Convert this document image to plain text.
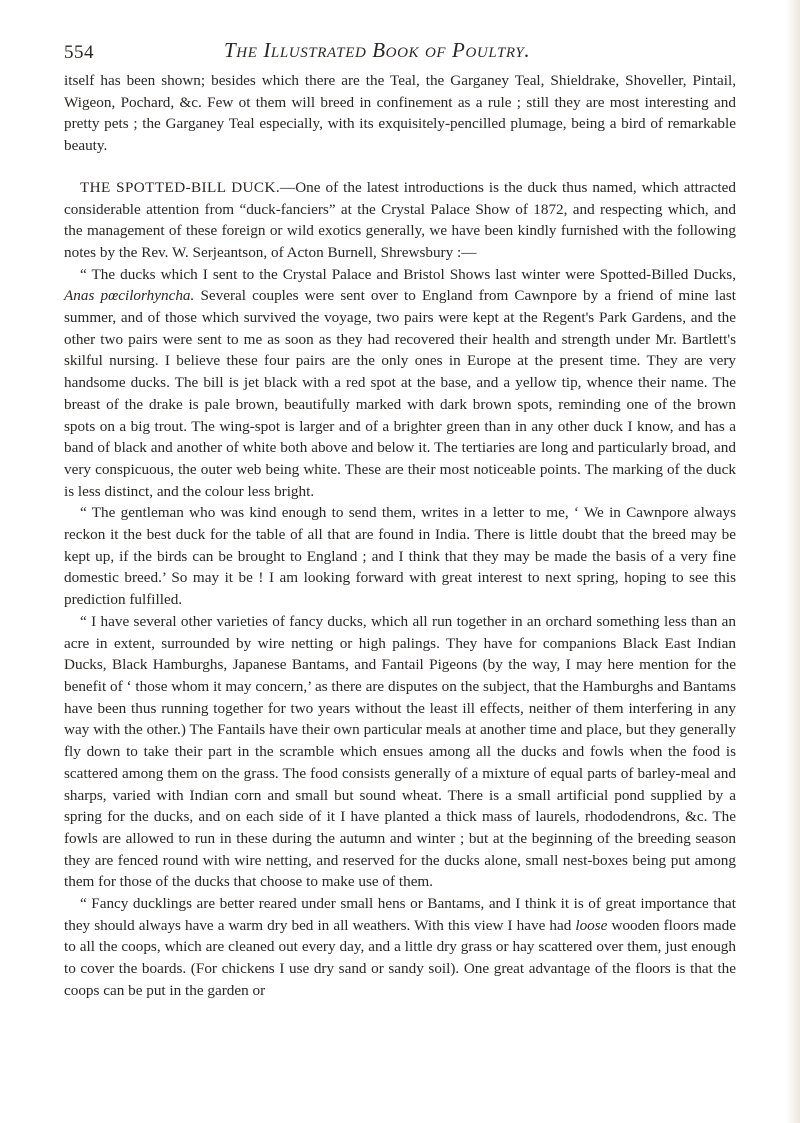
554	The Illustrated Book of Poultry.

itself has been shown; besides which there are the Teal, the Garganey Teal, Shieldrake, Shoveller, Pintail, Wigeon, Pochard, &c. Few ot them will breed in confinement as a rule ; still they are most interesting and pretty pets ; the Garganey Teal especially, with its exquisitely-pencilled plumage, being a bird of remarkable beauty.

THE SPOTTED-BILL DUCK.—One of the latest introductions is the duck thus named, which attracted considerable attention from “duck-fanciers” at the Crystal Palace Show of 1872, and respecting which, and the management of these foreign or wild exotics generally, we have been kindly furnished with the following notes by the Rev. W. Serjeantson, of Acton Burnell, Shrewsbury :—

“ The ducks which I sent to the Crystal Palace and Bristol Shows last winter were Spotted-Billed Ducks, Anas pœcilorhyncha. Several couples were sent over to England from Cawnpore by a friend of mine last summer, and of those which survived the voyage, two pairs were kept at the Regent's Park Gardens, and the other two pairs were sent to me as soon as they had recovered their health and strength under Mr. Bartlett's skilful nursing. I believe these four pairs are the only ones in Europe at the present time. They are very handsome ducks. The bill is jet black with a red spot at the base, and a yellow tip, whence their name. The breast of the drake is pale brown, beautifully marked with dark brown spots, reminding one of the brown spots on a big trout. The wing-spot is larger and of a brighter green than in any other duck I know, and has a band of black and another of white both above and below it. The tertiaries are long and particularly broad, and very conspicuous, the outer web being white. These are their most noticeable points. The marking of the duck is less distinct, and the colour less bright.

“ The gentleman who was kind enough to send them, writes in a letter to me, ‘ We in Cawnpore always reckon it the best duck for the table of all that are found in India. There is little doubt that the breed may be kept up, if the birds can be brought to England ; and I think that they may be made the basis of a very fine domestic breed.’ So may it be ! I am looking forward with great interest to next spring, hoping to see this prediction fulfilled.

“ I have several other varieties of fancy ducks, which all run together in an orchard something less than an acre in extent, surrounded by wire netting or high palings. They have for companions Black East Indian Ducks, Black Hamburghs, Japanese Bantams, and Fantail Pigeons (by the way, I may here mention for the benefit of ‘ those whom it may concern,’ as there are disputes on the subject, that the Hamburghs and Bantams have been thus running together for two years without the least ill effects, neither of them interfering in any way with the other.) The Fantails have their own particular meals at another time and place, but they generally fly down to take their part in the scramble which ensues among all the ducks and fowls when the food is scattered among them on the grass. The food consists generally of a mixture of equal parts of barley-meal and sharps, varied with Indian corn and small but sound wheat. There is a small artificial pond supplied by a spring for the ducks, and on each side of it I have planted a thick mass of laurels, rhododendrons, &c. The fowls are allowed to run in these during the autumn and winter ; but at the beginning of the breeding season they are fenced round with wire netting, and reserved for the ducks alone, small nest-boxes being put among them for those of the ducks that choose to make use of them.

“ Fancy ducklings are better reared under small hens or Bantams, and I think it is of great importance that they should always have a warm dry bed in all weathers. With this view I have had loose wooden floors made to all the coops, which are cleaned out every day, and a little dry grass or hay scattered over them, just enough to cover the boards. (For chickens I use dry sand or sandy soil). One great advantage of the floors is that the coops can be put in the garden or
